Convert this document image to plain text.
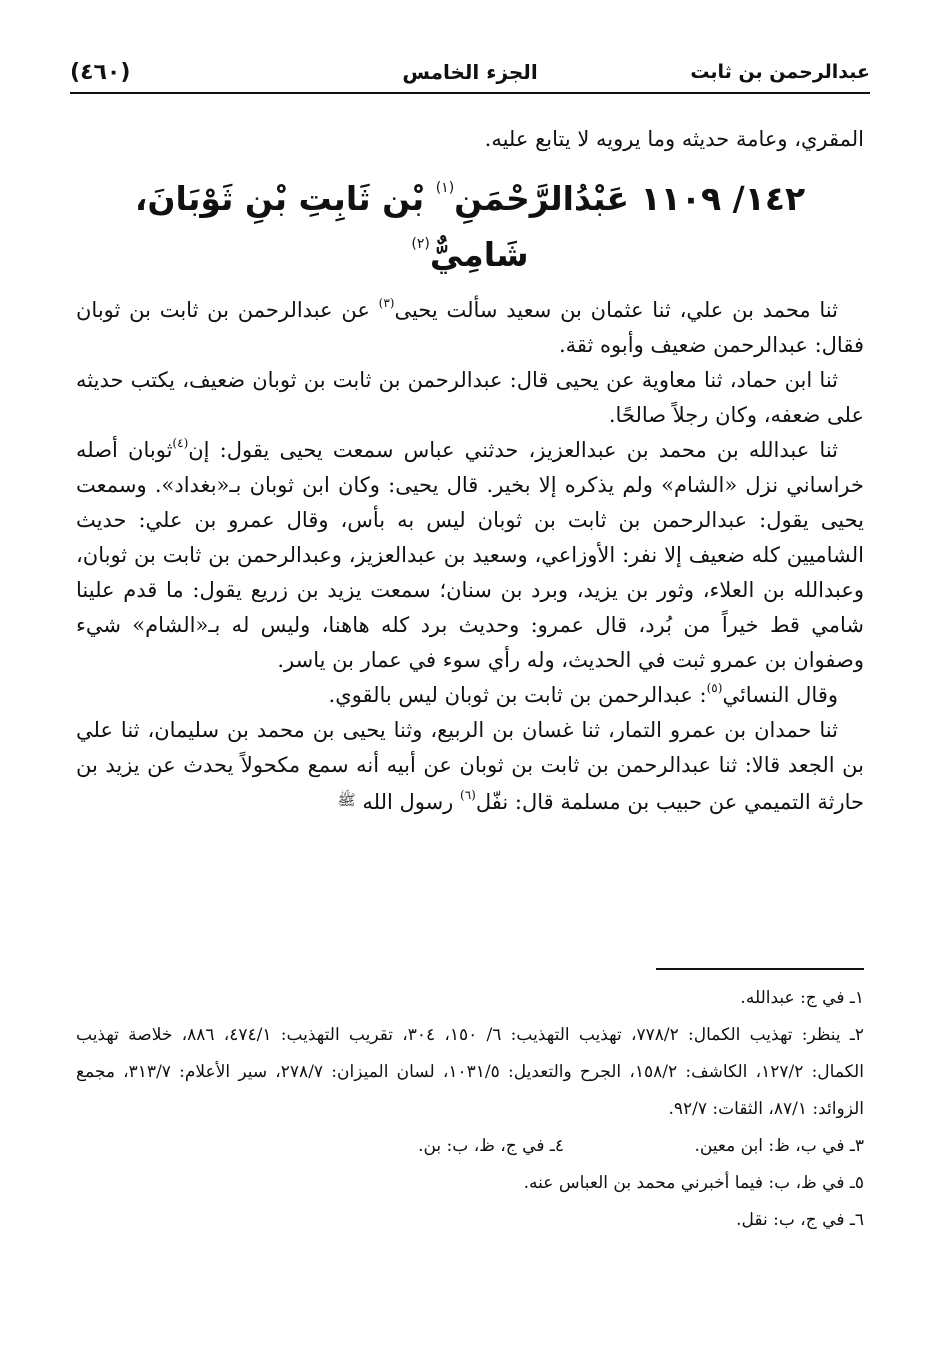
عبدالرحمن بن ثابت
الجزء الخامس
(٤٦٠)

المقري، وعامة حديثه وما يرويه لا يتابع عليه.

١٤٢/ ١١٠٩ عَبْدُالرَّحْمَنِ$^{(١)}$ بْن ثَابِتِ بْنِ ثَوْبَانَ، شَامِيٌّ$^{(٢)}$

ثنا محمد بن علي، ثنا عثمان بن سعيد سألت يحيى$^{(٣)}$ عن عبدالرحمن بن ثابت بن ثوبان فقال: عبدالرحمن ضعيف وأبوه ثقة.

ثنا ابن حماد، ثنا معاوية عن يحيى قال: عبدالرحمن بن ثابت بن ثوبان ضعيف، يكتب حديثه على ضعفه، وكان رجلاً صالحًا.

ثنا عبدالله بن محمد بن عبدالعزيز، حدثني عباس سمعت يحيى يقول: إن$^{(٤)}$ثوبان أصله خراساني نزل «الشام» ولم يذكره إلا بخير. قال يحيى: وكان ابن ثوبان بـ«بغداد». وسمعت يحيى يقول: عبدالرحمن بن ثابت بن ثوبان ليس به بأس، وقال عمرو بن علي: حديث الشاميين كله ضعيف إلا نفر: الأوزاعي، وسعيد بن عبدالعزيز، وعبدالرحمن بن ثابت بن ثوبان، وعبدالله بن العلاء، وثور بن يزيد، وبرد بن سنان؛ سمعت يزيد بن زريع يقول: ما قدم علينا شامي قط خيراً من بُرد، قال عمرو: وحديث برد كله هاهنا، وليس له بـ«الشام» شيء وصفوان بن عمرو ثبت في الحديث، وله رأي سوء في عمار بن ياسر.

وقال النسائي$^{(٥)}$: عبدالرحمن بن ثابت بن ثوبان ليس بالقوي.

ثنا حمدان بن عمرو التمار، ثنا غسان بن الربيع، وثنا يحيى بن محمد بن سليمان، ثنا علي بن الجعد قالا: ثنا عبدالرحمن بن ثابت بن ثوبان عن أبيه أنه سمع مكحولاً يحدث عن يزيد بن حارثة التميمي عن حبيب بن مسلمة قال: نفّل$^{(٦)}$ رسول الله ﷺ

١ـ في ج: عبدالله.

٢ـ ينظر: تهذيب الكمال: ٧٧٨/٢، تهذيب التهذيب: ٦/ ١٥٠، ٣٠٤، تقريب التهذيب: ٤٧٤/١، ٨٨٦، خلاصة تهذيب الكمال: ١٢٧/٢، الكاشف: ١٥٨/٢، الجرح والتعديل: ١٠٣١/٥، لسان الميزان: ٢٧٨/٧، سير الأعلام: ٣١٣/٧، مجمع الزوائد: ٨٧/١، الثقات: ٩٢/٧.

٣ـ في ب، ظ: ابن معين.
٤ـ في ج، ظ، ب: بن.

٥ـ في ظ، ب: فيما أخبرني محمد بن العباس عنه.

٦ـ في ج، ب: نقل.
